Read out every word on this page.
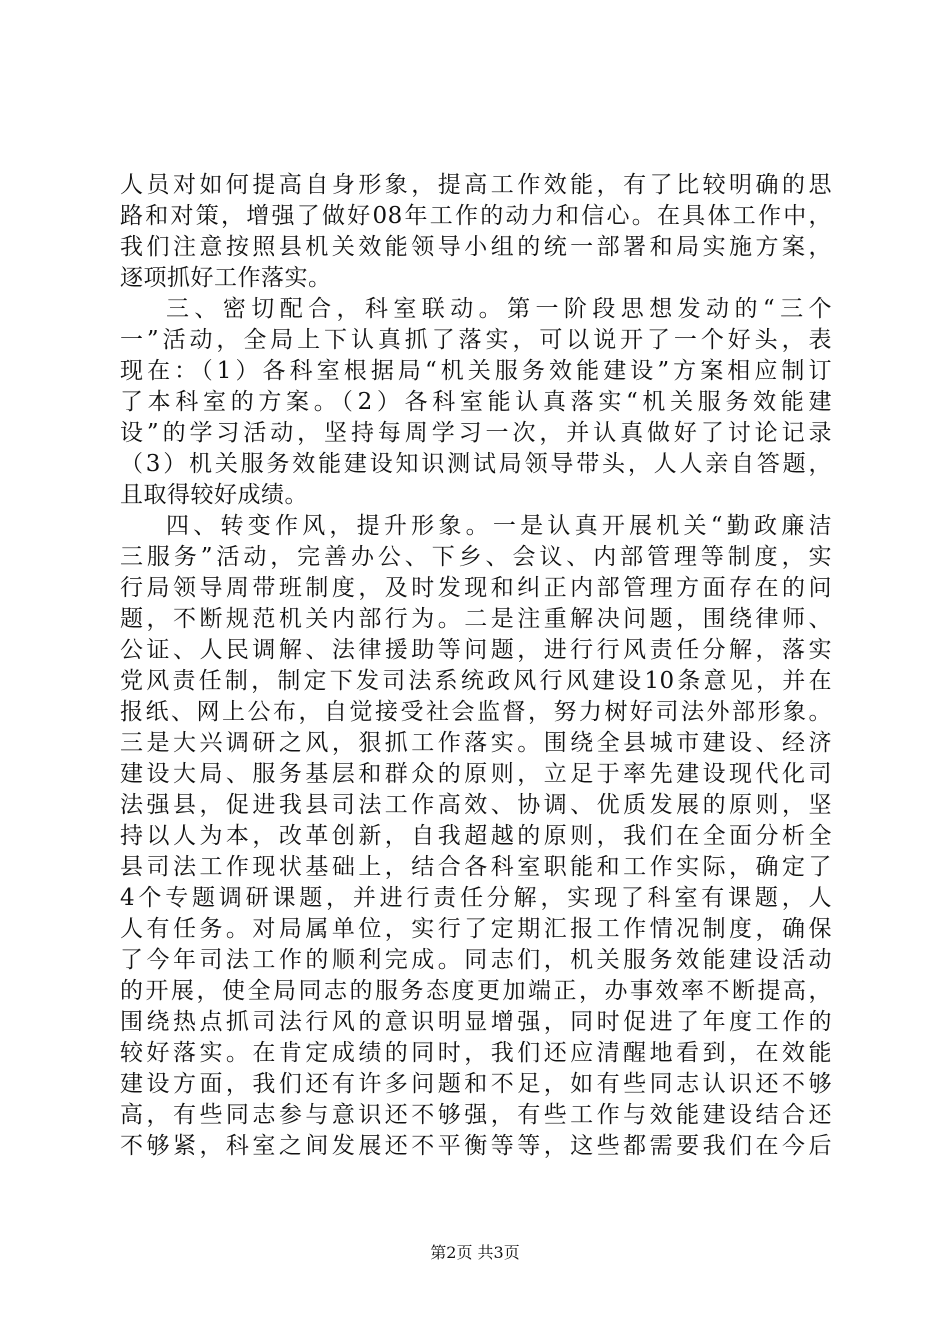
人员对如何提高自身形象，提高工作效能，有了比较明确的思
路和对策，增强了做好08年工作的动力和信心。在具体工作中，
我们注意按照县机关效能领导小组的统一部署和局实施方案，
逐项抓好工作落实。
三、密切配合，科室联动。第一阶段思想发动的“三个
一”活动，全局上下认真抓了落实，可以说开了一个好头，表
现在：（1）各科室根据局“机关服务效能建设”方案相应制订
了本科室的方案。（2）各科室能认真落实“机关服务效能建
设”的学习活动，坚持每周学习一次，并认真做好了讨论记录
（3）机关服务效能建设知识测试局领导带头，人人亲自答题，
且取得较好成绩。
四、转变作风，提升形象。一是认真开展机关“勤政廉洁
三服务”活动，完善办公、下乡、会议、内部管理等制度，实
行局领导周带班制度，及时发现和纠正内部管理方面存在的问
题，不断规范机关内部行为。二是注重解决问题，围绕律师、
公证、人民调解、法律援助等问题，进行行风责任分解，落实
党风责任制，制定下发司法系统政风行风建设10条意见，并在
报纸、网上公布，自觉接受社会监督，努力树好司法外部形象。
三是大兴调研之风，狠抓工作落实。围绕全县城市建设、经济
建设大局、服务基层和群众的原则，立足于率先建设现代化司
法强县，促进我县司法工作高效、协调、优质发展的原则，坚
持以人为本，改革创新，自我超越的原则，我们在全面分析全
县司法工作现状基础上，结合各科室职能和工作实际，确定了
4个专题调研课题，并进行责任分解，实现了科室有课题，人
人有任务。对局属单位，实行了定期汇报工作情况制度，确保
了今年司法工作的顺利完成。同志们，机关服务效能建设活动
的开展，使全局同志的服务态度更加端正，办事效率不断提高，
围绕热点抓司法行风的意识明显增强，同时促进了年度工作的
较好落实。在肯定成绩的同时，我们还应清醒地看到，在效能
建设方面，我们还有许多问题和不足，如有些同志认识还不够
高，有些同志参与意识还不够强，有些工作与效能建设结合还
不够紧，科室之间发展还不平衡等等，这些都需要我们在今后
第2页 共3页
